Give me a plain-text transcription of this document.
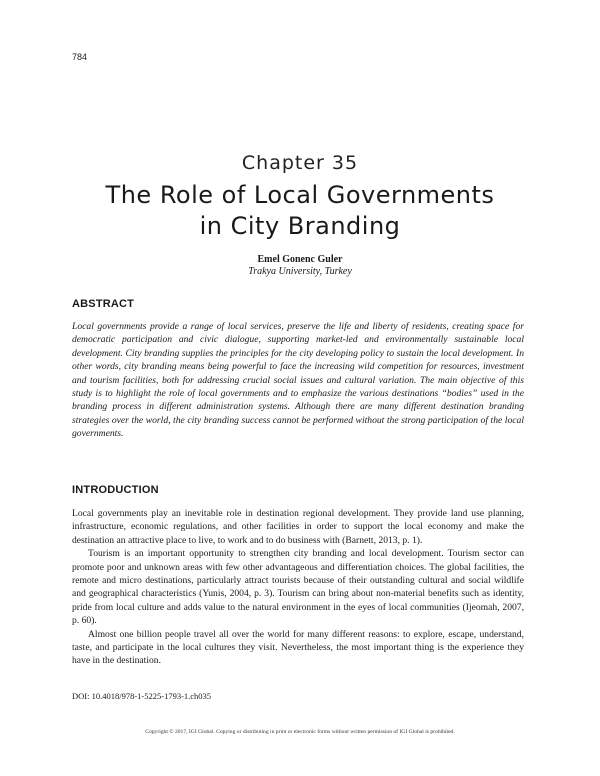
784
Chapter 35
The Role of Local Governments
in City Branding
Emel Gonenc Guler
Trakya University, Turkey
ABSTRACT
Local governments provide a range of local services, preserve the life and liberty of residents, creating space for democratic participation and civic dialogue, supporting market-led and environmentally sustainable local development. City branding supplies the principles for the city developing policy to sustain the local development. In other words, city branding means being powerful to face the increasing wild competition for resources, investment and tourism facilities, both for addressing crucial social issues and cultural variation. The main objective of this study is to highlight the role of local governments and to emphasize the various destinations “bodies” used in the branding process in different administration systems. Although there are many different destination branding strategies over the world, the city branding success cannot be performed without the strong participation of the local governments.
INTRODUCTION

Local governments play an inevitable role in destination regional development. They provide land use planning, infrastructure, economic regulations, and other facilities in order to support the local economy and make the destination an attractive place to live, to work and to do business with (Barnett, 2013, p. 1).

Tourism is an important opportunity to strengthen city branding and local development. Tourism sector can promote poor and unknown areas with few other advantageous and differentiation choices. The global facilities, the remote and micro destinations, particularly attract tourists because of their outstanding cultural and social wildlife and geographical characteristics (Yunis, 2004, p. 3). Tourism can bring about non-material benefits such as identity, pride from local culture and adds value to the natural environment in the eyes of local communities (Ijeomah, 2007, p. 60).

Almost one billion people travel all over the world for many different reasons: to explore, escape, understand, taste, and participate in the local cultures they visit. Nevertheless, the most important thing is the experience they have in the destination.

DOI: 10.4018/978-1-5225-1793-1.ch035
Copyright © 2017, IGI Global. Copying or distributing in print or electronic forms without written permission of IGI Global is prohibited.
